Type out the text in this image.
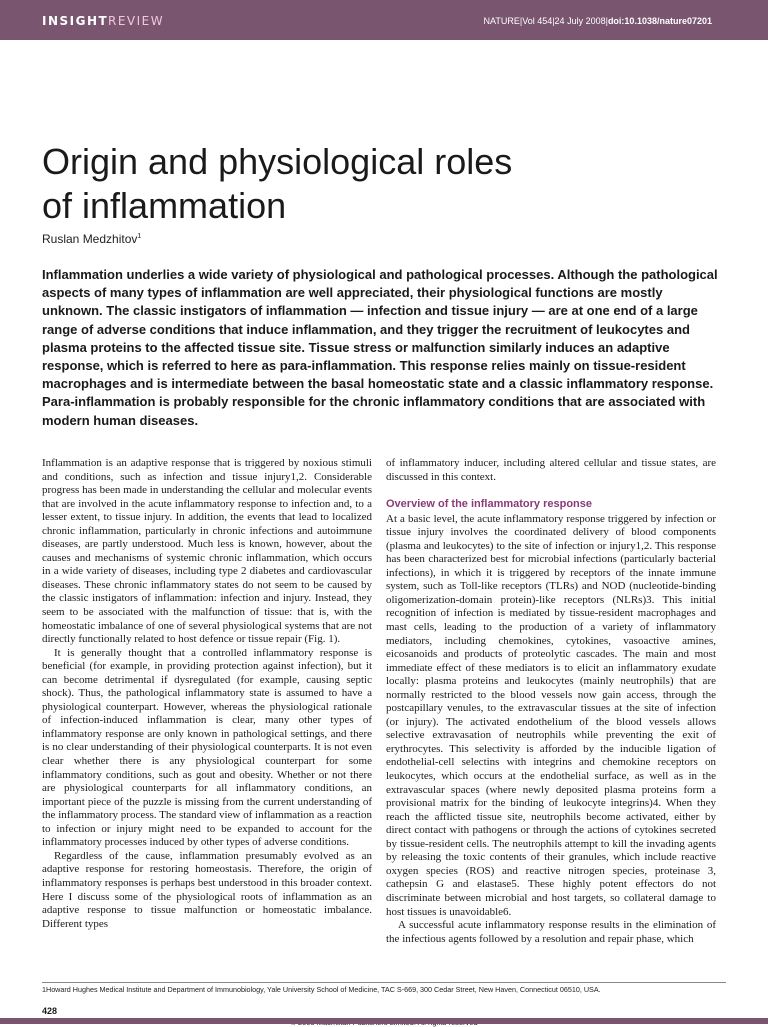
INSIGHT REVIEW	NATURE|Vol 454|24 July 2008|doi:10.1038/nature07201
Origin and physiological roles
of inflammation
Ruslan Medzhitov$^1$

Inflammation underlies a wide variety of physiological and pathological processes. Although the pathological aspects of many types of inflammation are well appreciated, their physiological functions are mostly unknown. The classic instigators of inflammation — infection and tissue injury — are at one end of a large range of adverse conditions that induce inflammation, and they trigger the recruitment of leukocytes and plasma proteins to the affected tissue site. Tissue stress or malfunction similarly induces an adaptive response, which is referred to here as para-inflammation. This response relies mainly on tissue-resident macrophages and is intermediate between the basal homeostatic state and a classic inflammatory response. Para-inflammation is probably responsible for the chronic inflammatory conditions that are associated with modern human diseases.

Inflammation is an adaptive response that is triggered by noxious stimuli and conditions, such as infection and tissue injury1,2. Considerable progress has been made in understanding the cellular and molecular events that are involved in the acute inflammatory response to infection and, to a lesser extent, to tissue injury. In addition, the events that lead to localized chronic inflammation, particularly in chronic infections and autoimmune diseases, are partly understood. Much less is known, however, about the causes and mechanisms of systemic chronic inflammation, which occurs in a wide variety of diseases, including type 2 diabetes and cardiovascular diseases. These chronic inflammatory states do not seem to be caused by the classic instigators of inflammation: infection and injury. Instead, they seem to be associated with the malfunction of tissue: that is, with the homeostatic imbalance of one of several physiological systems that are not directly functionally related to host defence or tissue repair (Fig. 1).

It is generally thought that a controlled inflammatory response is beneficial (for example, in providing protection against infection), but it can become detrimental if dysregulated (for example, causing septic shock). Thus, the pathological inflammatory state is assumed to have a physiological counterpart. However, whereas the physiological rationale of infection-induced inflammation is clear, many other types of inflammatory response are only known in pathological settings, and there is no clear understanding of their physiological counterparts. It is not even clear whether there is any physiological counterpart for some inflammatory conditions, such as gout and obesity. Whether or not there are physiological counterparts for all inflammatory conditions, an important piece of the puzzle is missing from the current understanding of the inflammatory process. The standard view of inflammation as a reaction to infection or injury might need to be expanded to account for the inflammatory processes induced by other types of adverse conditions.

Regardless of the cause, inflammation presumably evolved as an adaptive response for restoring homeostasis. Therefore, the origin of inflammatory responses is perhaps best understood in this broader context. Here I discuss some of the physiological roots of inflammation as an adaptive response to tissue malfunction or homeostatic imbalance. Different types

of inflammatory inducer, including altered cellular and tissue states, are discussed in this context.

Overview of the inflammatory response

At a basic level, the acute inflammatory response triggered by infection or tissue injury involves the coordinated delivery of blood components (plasma and leukocytes) to the site of infection or injury1,2. This response has been characterized best for microbial infections (particularly bacterial infections), in which it is triggered by receptors of the innate immune system, such as Toll-like receptors (TLRs) and NOD (nucleotide-binding oligomerization-domain protein)-like receptors (NLRs)3. This initial recognition of infection is mediated by tissue-resident macrophages and mast cells, leading to the production of a variety of inflammatory mediators, including chemokines, cytokines, vasoactive amines, eicosanoids and products of proteolytic cascades. The main and most immediate effect of these mediators is to elicit an inflammatory exudate locally: plasma proteins and leukocytes (mainly neutrophils) that are normally restricted to the blood vessels now gain access, through the postcapillary venules, to the extravascular tissues at the site of infection (or injury). The activated endothelium of the blood vessels allows selective extravasation of neutrophils while preventing the exit of erythrocytes. This selectivity is afforded by the inducible ligation of endothelial-cell selectins with integrins and chemokine receptors on leukocytes, which occurs at the endothelial surface, as well as in the extravascular spaces (where newly deposited plasma proteins form a provisional matrix for the binding of leukocyte integrins)4. When they reach the afflicted tissue site, neutrophils become activated, either by direct contact with pathogens or through the actions of cytokines secreted by tissue-resident cells. The neutrophils attempt to kill the invading agents by releasing the toxic contents of their granules, which include reactive oxygen species (ROS) and reactive nitrogen species, proteinase 3, cathepsin G and elastase5. These highly potent effectors do not discriminate between microbial and host targets, so collateral damage to host tissues is unavoidable6.

A successful acute inflammatory response results in the elimination of the infectious agents followed by a resolution and repair phase, which

1Howard Hughes Medical Institute and Department of Immunobiology, Yale University School of Medicine, TAC S-669, 300 Cedar Street, New Haven, Connecticut 06510, USA.
428
